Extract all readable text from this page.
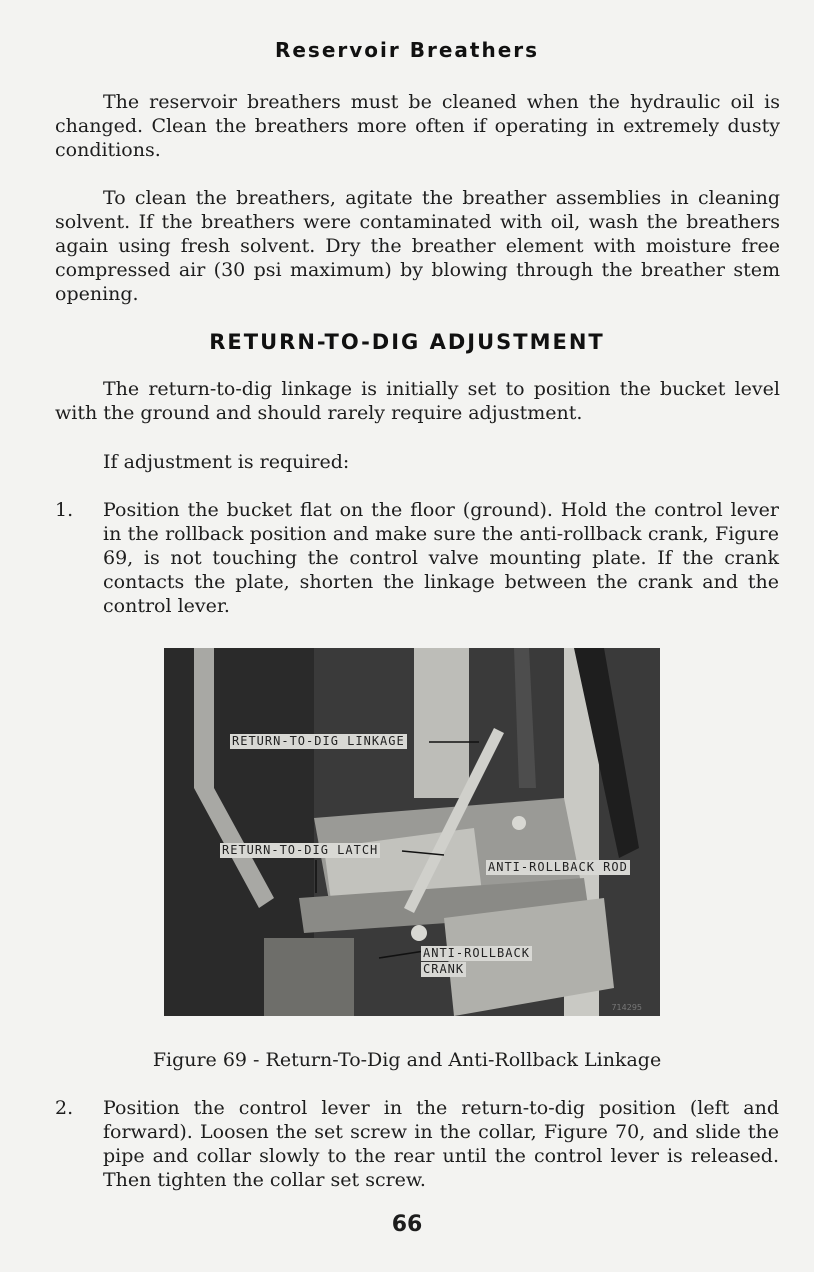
Reservoir Breathers

The reservoir breathers must be cleaned when the hydraulic oil is changed. Clean the breathers more often if operating in extremely dusty conditions.

To clean the breathers, agitate the breather assemblies in cleaning solvent. If the breathers were contaminated with oil, wash the breathers again using fresh solvent. Dry the breather element with moisture free compressed air (30 psi maximum) by blowing through the breather stem opening.

RETURN-TO-DIG ADJUSTMENT

The return-to-dig linkage is initially set to position the bucket level with the ground and should rarely require adjustment.

If adjustment is required:

1. Position the bucket flat on the floor (ground). Hold the control lever in the rollback position and make sure the anti-rollback crank, Figure 69, is not touching the control valve mounting plate. If the crank contacts the plate, shorten the linkage between the crank and the control lever.

RETURN-TO-DIG LINKAGE
RETURN-TO-DIG LATCH
ANTI-ROLLBACK ROD
ANTI-ROLLBACK
CRANK
714295

Figure 69 - Return-To-Dig and Anti-Rollback Linkage

2. Position the control lever in the return-to-dig position (left and forward). Loosen the set screw in the collar, Figure 70, and slide the pipe and collar slowly to the rear until the control lever is released. Then tighten the collar set screw.

66
